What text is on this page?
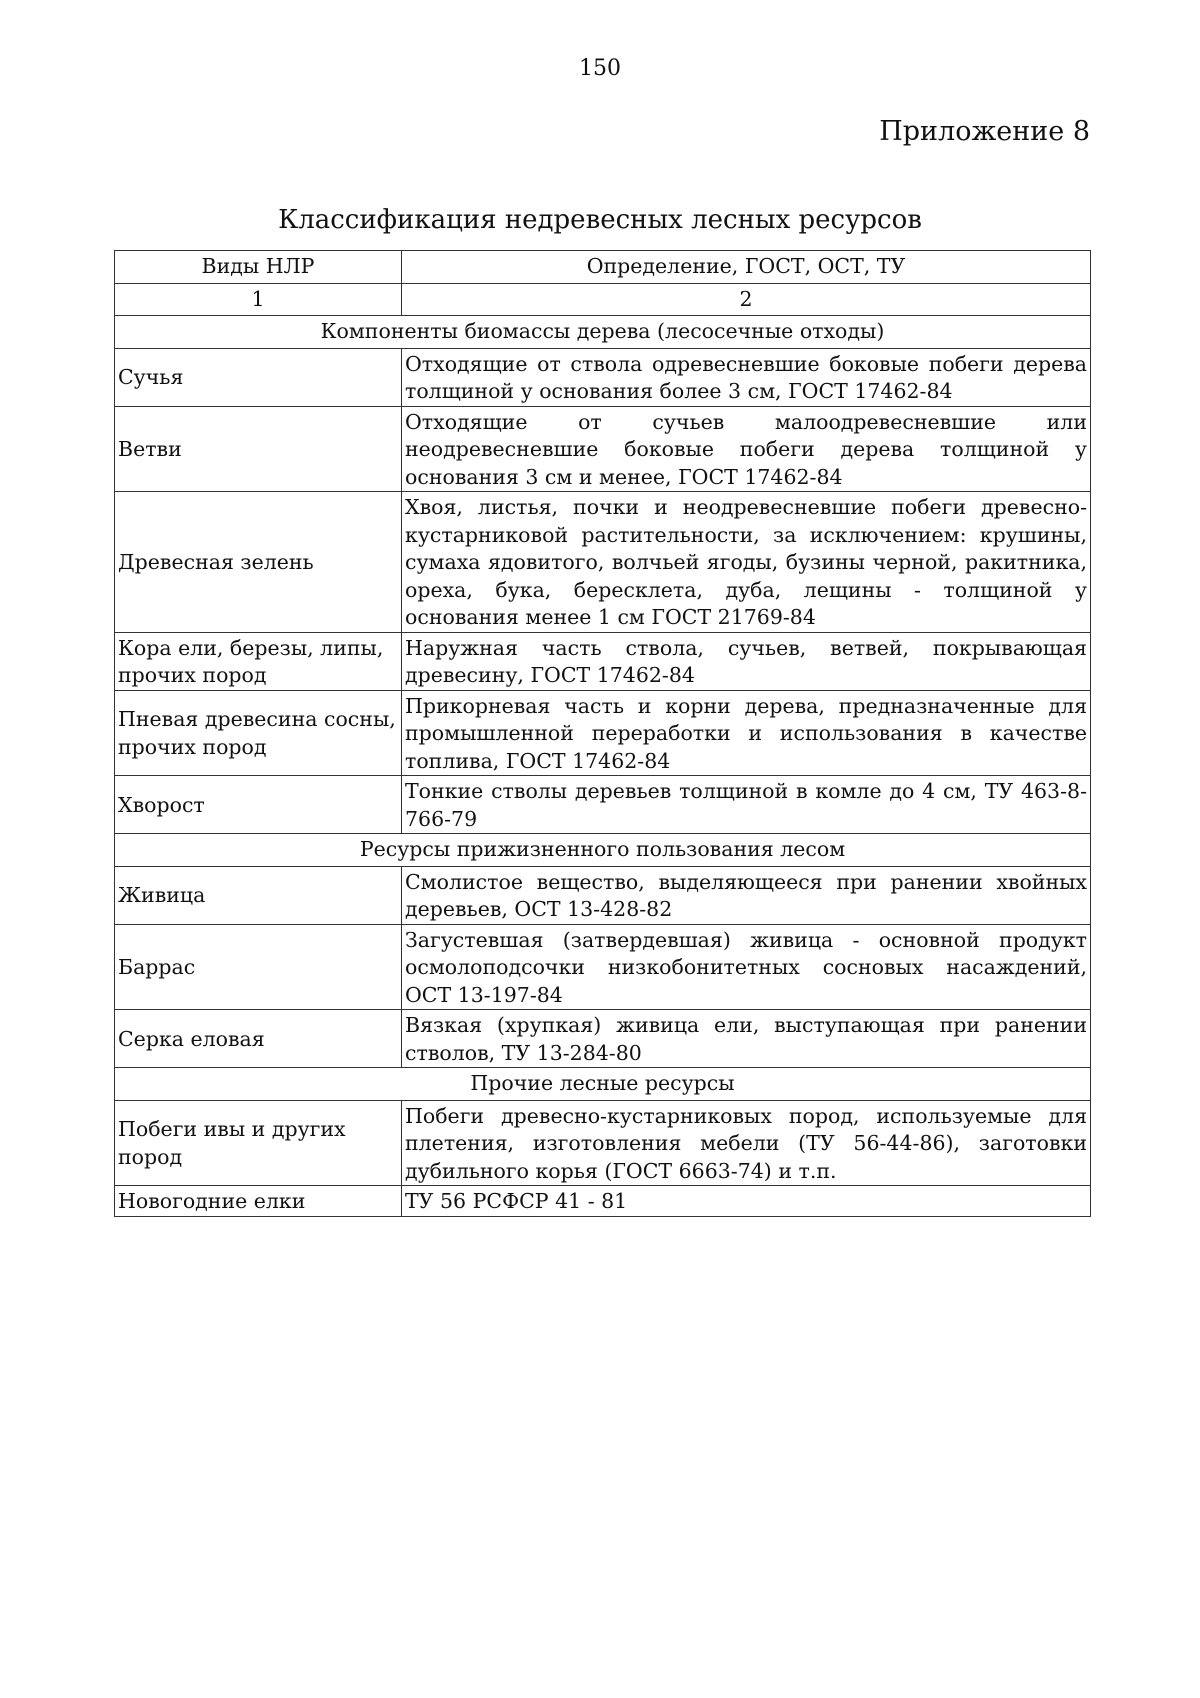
150
Приложение 8
Классификация недревесных лесных ресурсов
Виды НЛР	Определение, ГОСТ, ОСТ, ТУ
1	2
Компоненты биомассы дерева (лесосечные отходы)	
Сучья	Отходящие от ствола одревесневшие боковые побеги дерева толщиной у основания более 3 см, ГОСТ 17462-84
Ветви	Отходящие от сучьев малоодревесневшие или неодревесневшие боковые побеги дерева толщиной у основания 3 см и менее, ГОСТ 17462-84
Древесная зелень	Хвоя, листья, почки и неодревесневшие побеги древесно-кустарниковой растительности, за исключением: крушины, сумаха ядовитого, волчьей ягоды, бузины черной, ракитника, ореха, бука, бересклета, дуба, лещины - толщиной у основания менее 1 см ГОСТ 21769-84
Кора ели, березы, липы, прочих пород	Наружная часть ствола, сучьев, ветвей, покрывающая древесину, ГОСТ 17462-84
Пневая древесина сосны, прочих пород	Прикорневая часть и корни дерева, предназначенные для промышленной переработки и использования в качестве топлива, ГОСТ 17462-84
Хворост	Тонкие стволы деревьев толщиной в комле до 4 см, ТУ 463-8-766-79
Ресурсы прижизненного пользования лесом	
Живица	Смолистое вещество, выделяющееся при ранении хвойных деревьев, ОСТ 13-428-82
Баррас	Загустевшая (затвердевшая) живица - основной продукт осмолоподсочки низкобонитетных сосновых насаждений, ОСТ 13-197-84
Серка еловая	Вязкая (хрупкая) живица ели, выступающая при ранении стволов, ТУ 13-284-80
Прочие лесные ресурсы	
Побеги ивы и других пород	Побеги древесно-кустарниковых пород, используемые для плетения, изготовления мебели (ТУ 56-44-86), заготовки дубильного корья (ГОСТ 6663-74) и т.п.
Новогодние елки	ТУ 56 РСФСР 41 - 81
